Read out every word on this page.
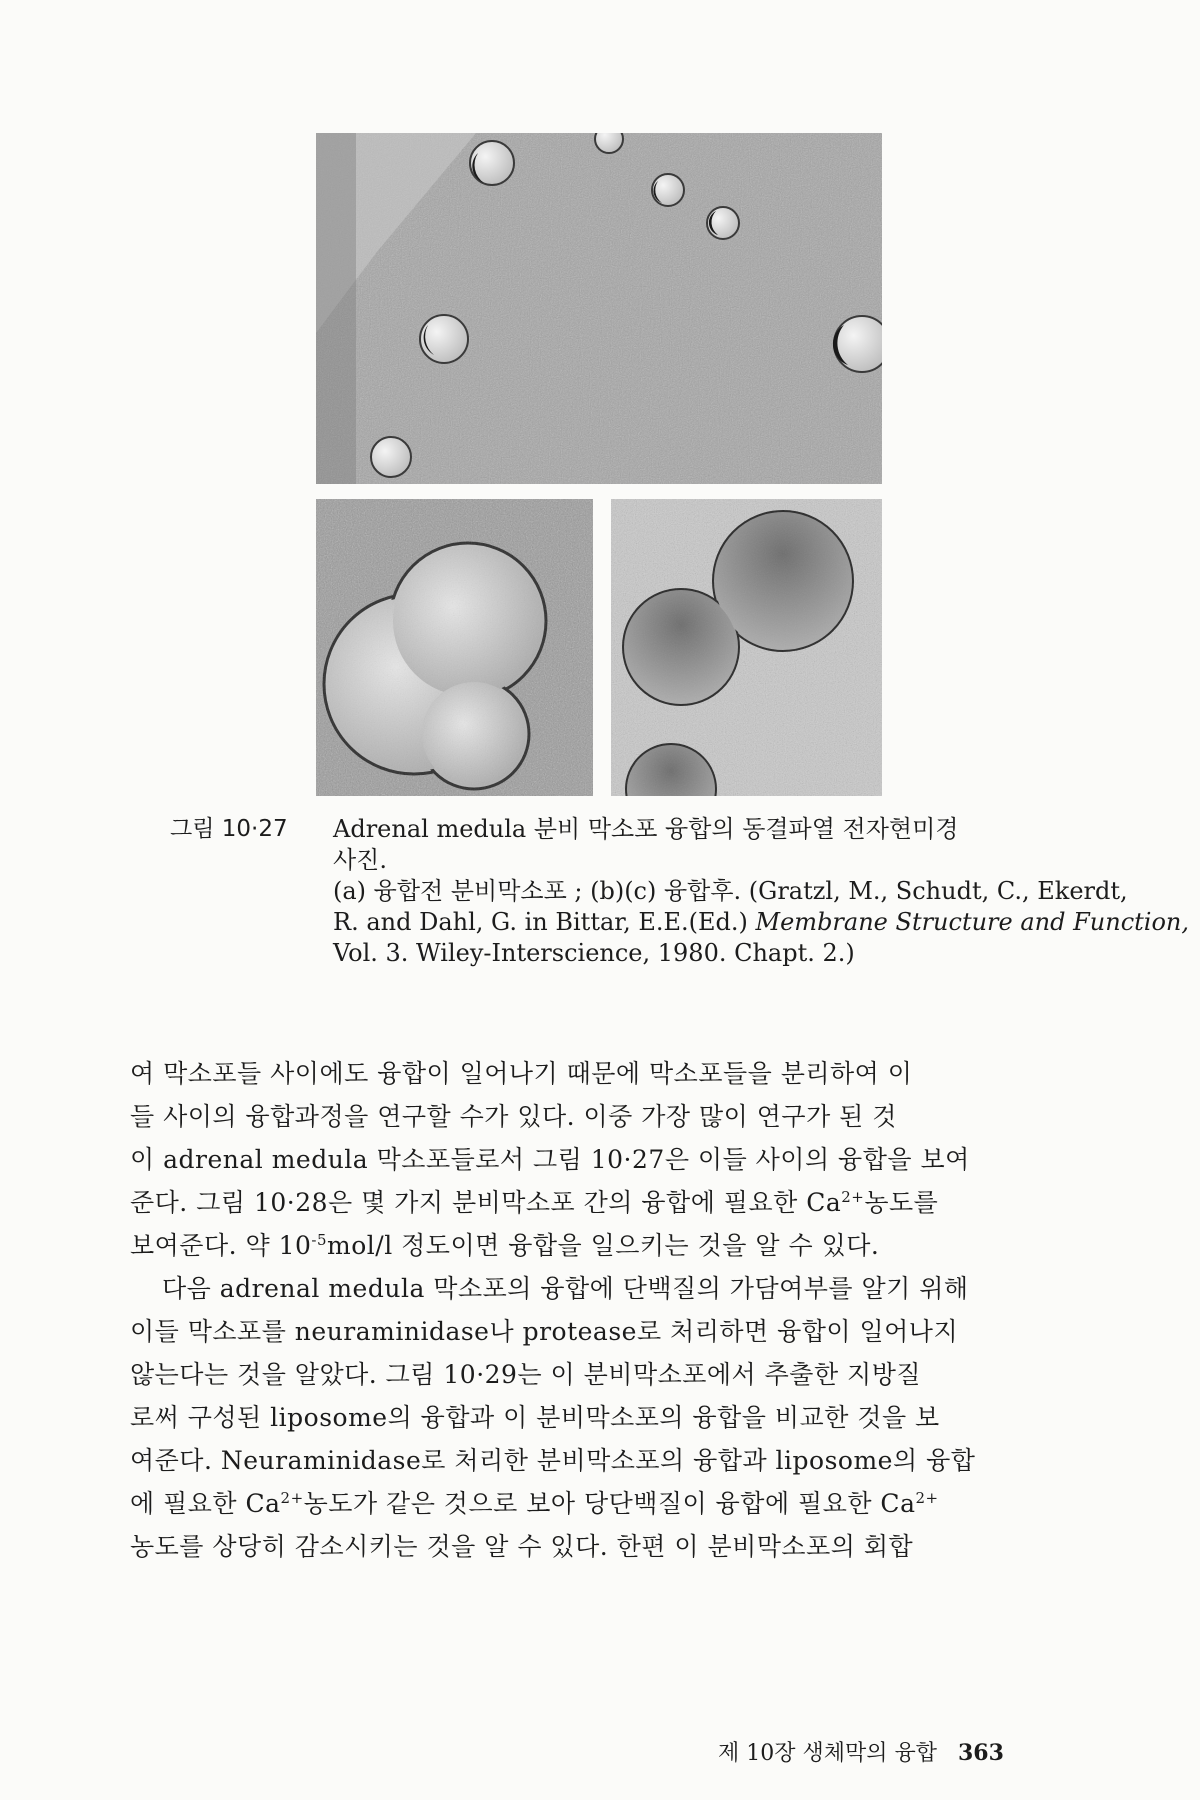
그림 10·27	Adrenal medula 분비 막소포 융합의 동결파열 전자현미경
사진.
(a) 융합전 분비막소포 ; (b)(c) 융합후. (Gratzl, M., Schudt, C., Ekerdt,
R. and Dahl, G. in Bittar, E.E.(Ed.) Membrane Structure and Function,
Vol. 3. Wiley-Interscience, 1980. Chapt. 2.)
여 막소포들 사이에도 융합이 일어나기 때문에 막소포들을 분리하여 이
들 사이의 융합과정을 연구할 수가 있다. 이중 가장 많이 연구가 된 것
이 adrenal medula 막소포들로서 그림 10·27은 이들 사이의 융합을 보여
준다. 그림 10·28은 몇 가지 분비막소포 간의 융합에 필요한 $Ca^{2+}$농도를
보여준다. 약 $10^{-5}mol/l$ 정도이면 융합을 일으키는 것을 알 수 있다.
다음 adrenal medula 막소포의 융합에 단백질의 가담여부를 알기 위해
이들 막소포를 neuraminidase나 protease로 처리하면 융합이 일어나지
않는다는 것을 알았다. 그림 10·29는 이 분비막소포에서 추출한 지방질
로써 구성된 liposome의 융합과 이 분비막소포의 융합을 비교한 것을 보
여준다. Neuraminidase로 처리한 분비막소포의 융합과 liposome의 융합
에 필요한 $Ca^{2+}$농도가 같은 것으로 보아 당단백질이 융합에 필요한 $Ca^{2+}$
농도를 상당히 감소시키는 것을 알 수 있다. 한편 이 분비막소포의 회합
제 10장 생체막의 융합 363
